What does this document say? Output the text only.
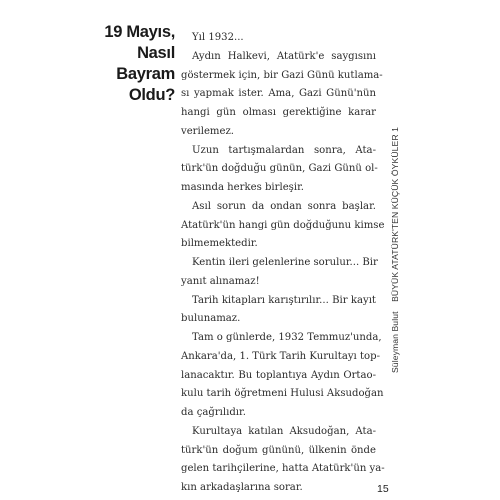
19 Mayıs,
Nasıl
Bayram
Oldu?
Yıl 1932...
Aydın Halkevi, Atatürk'e saygısını
göstermek için, bir Gazi Günü kutlama-
sı yapmak ister. Ama, Gazi Günü'nün
hangi gün olması gerektiğine karar
verilemez.
Uzun tartışmalardan sonra, Ata-
türk'ün doğduğu günün, Gazi Günü ol-
masında herkes birleşir.
Asıl sorun da ondan sonra başlar.
Atatürk'ün hangi gün doğduğunu kimse
bilmemektedir.
Kentin ileri gelenlerine sorulur... Bir
yanıt alınamaz!
Tarih kitapları karıştırılır... Bir kayıt
bulunamaz.
Tam o günlerde, 1932 Temmuz'unda,
Ankara'da, 1. Türk Tarih Kurultayı top-
lanacaktır. Bu toplantıya Aydın Ortao-
kulu tarih öğretmeni Hulusi Aksudoğan
da çağrılıdır.
Kurultaya katılan Aksudoğan, Ata-
türk'ün doğum gününü, ülkenin önde
gelen tarihçilerine, hatta Atatürk'ün ya-
kın arkadaşlarına sorar.
Süleyman Bulut BÜYÜK ATATÜRK'TEN KÜÇÜK ÖYKÜLER 1
15
